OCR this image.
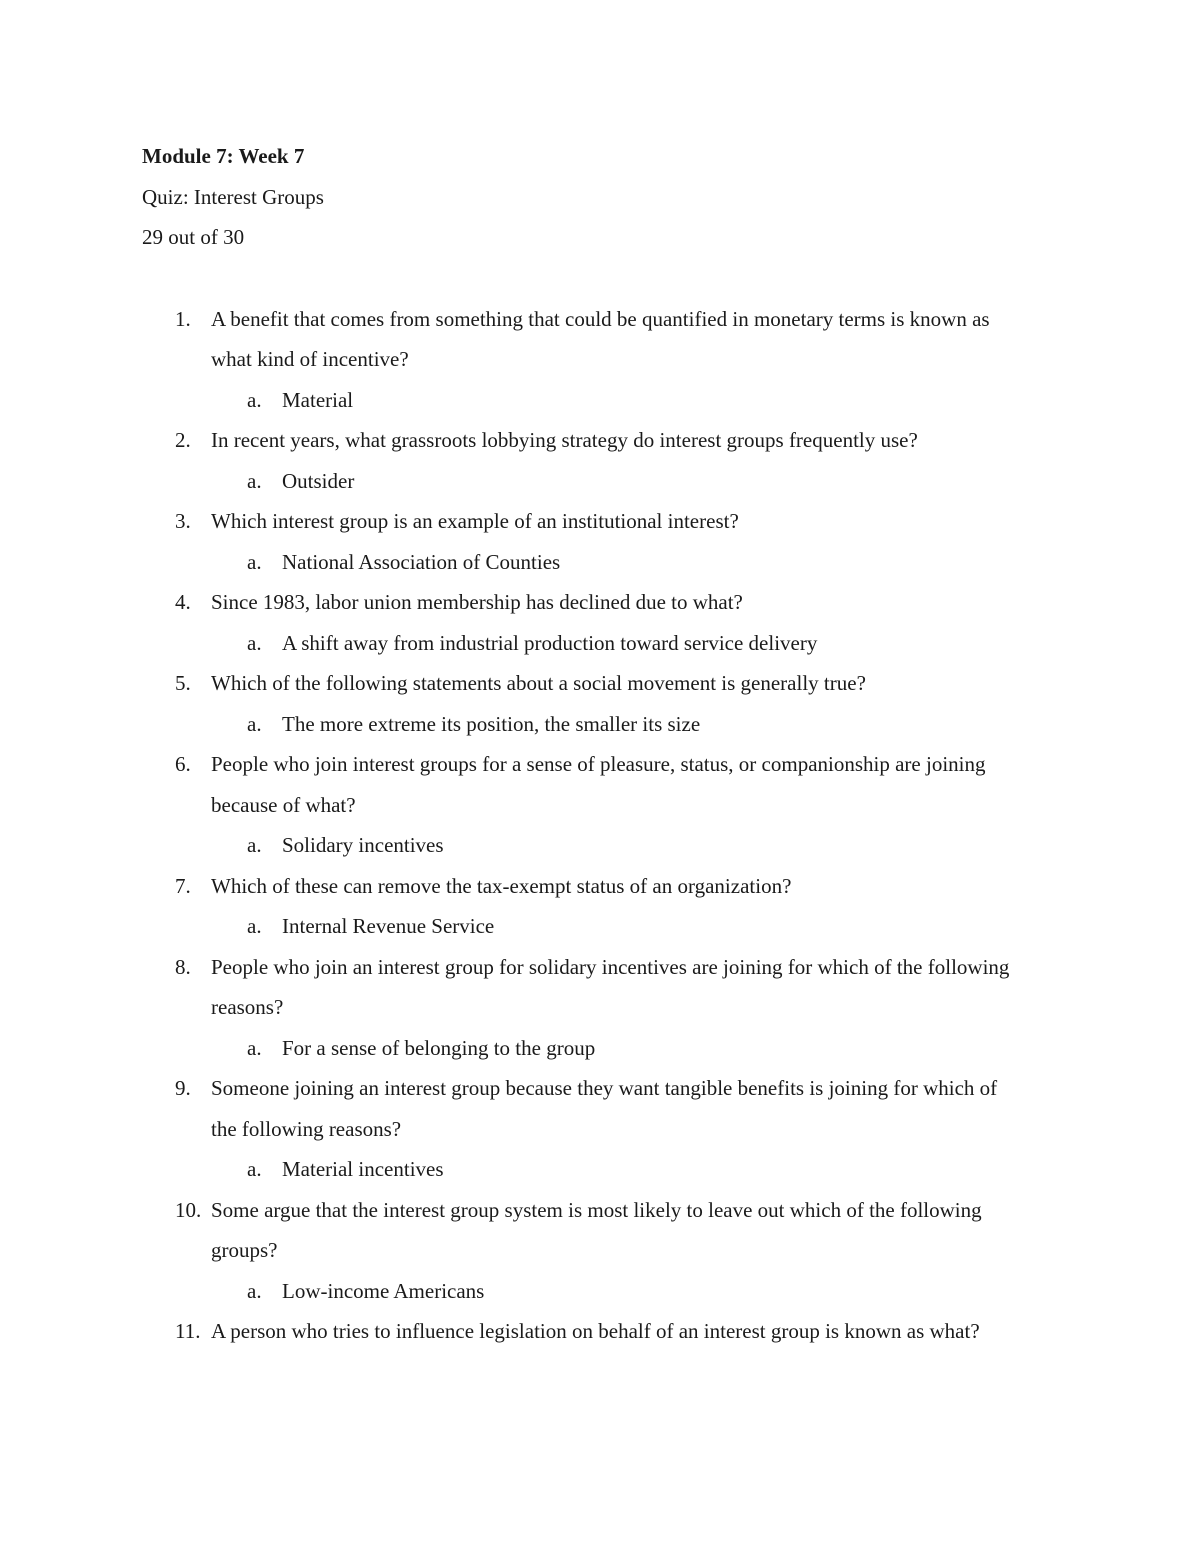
Module 7: Week 7

Quiz: Interest Groups

29 out of 30

1. A benefit that comes from something that could be quantified in monetary terms is known as what kind of incentive?
a. Material
2. In recent years, what grassroots lobbying strategy do interest groups frequently use?
a. Outsider
3. Which interest group is an example of an institutional interest?
a. National Association of Counties
4. Since 1983, labor union membership has declined due to what?
a. A shift away from industrial production toward service delivery
5. Which of the following statements about a social movement is generally true?
a. The more extreme its position, the smaller its size
6. People who join interest groups for a sense of pleasure, status, or companionship are joining because of what?
a. Solidary incentives
7. Which of these can remove the tax-exempt status of an organization?
a. Internal Revenue Service
8. People who join an interest group for solidary incentives are joining for which of the following reasons?
a. For a sense of belonging to the group
9. Someone joining an interest group because they want tangible benefits is joining for which of the following reasons?
a. Material incentives
10. Some argue that the interest group system is most likely to leave out which of the following groups?
a. Low-income Americans
11. A person who tries to influence legislation on behalf of an interest group is known as what?
